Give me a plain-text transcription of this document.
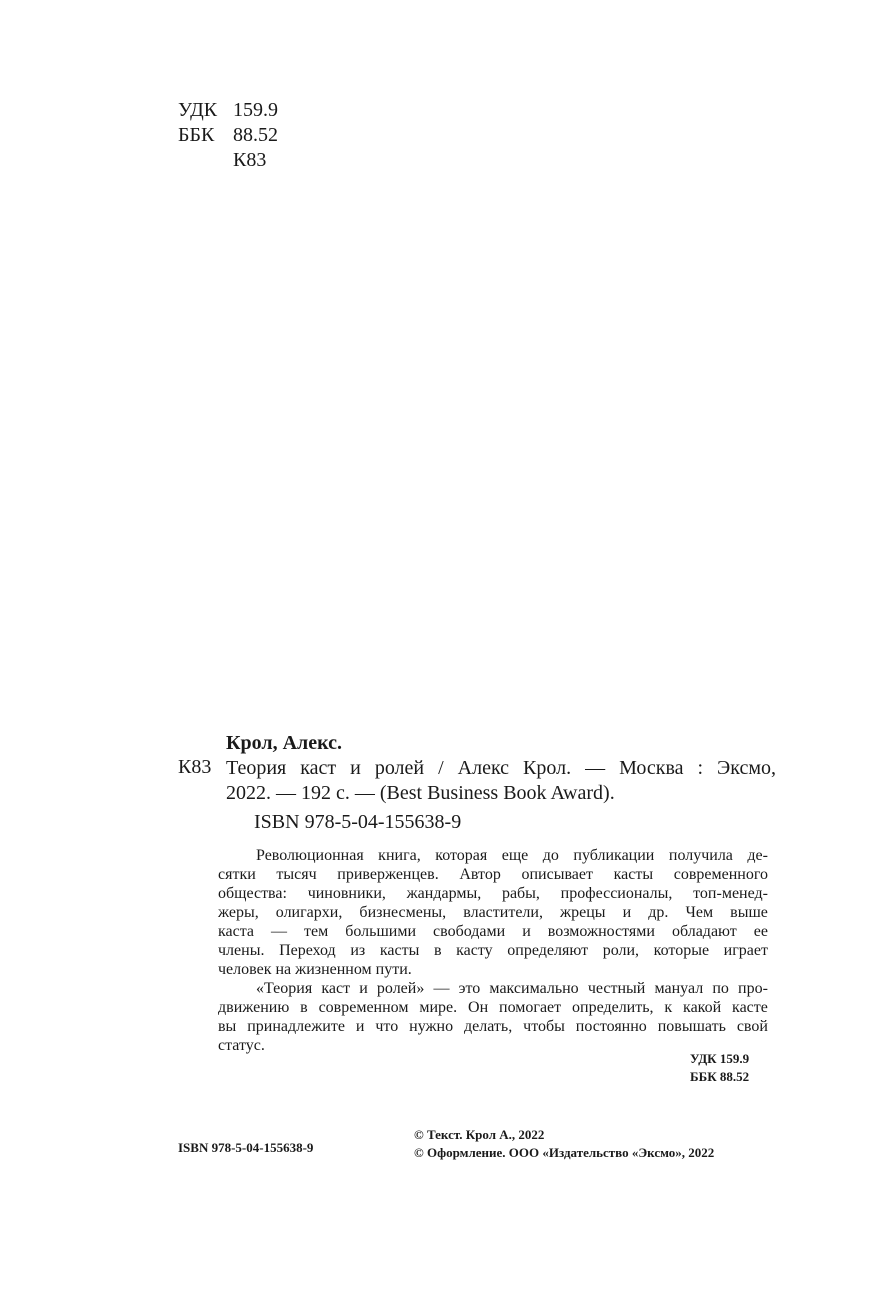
УДК 159.9
ББК 88.52
К83
Крол, Алекс.
К83 Теория каст и ролей / Алекс Крол. — Москва : Эксмо,
2022. — 192 с. — (Best Business Book Award).
ISBN 978-5-04-155638-9
Революционная книга, которая еще до публикации получила де-
сятки тысяч приверженцев. Автор описывает касты современного
общества: чиновники, жандармы, рабы, профессионалы, топ-менед-
жеры, олигархи, бизнесмены, властители, жрецы и др. Чем выше
каста — тем большими свободами и возможностями обладают ее
члены. Переход из касты в касту определяют роли, которые играет
человек на жизненном пути.
«Теория каст и ролей» — это максимально честный мануал по про-
движению в современном мире. Он помогает определить, к какой касте
вы принадлежите и что нужно делать, чтобы постоянно повышать свой
статус.
УДК 159.9
ББК 88.52
© Текст. Крол А., 2022
© Оформление. ООО «Издательство «Эксмо», 2022
ISBN 978-5-04-155638-9
